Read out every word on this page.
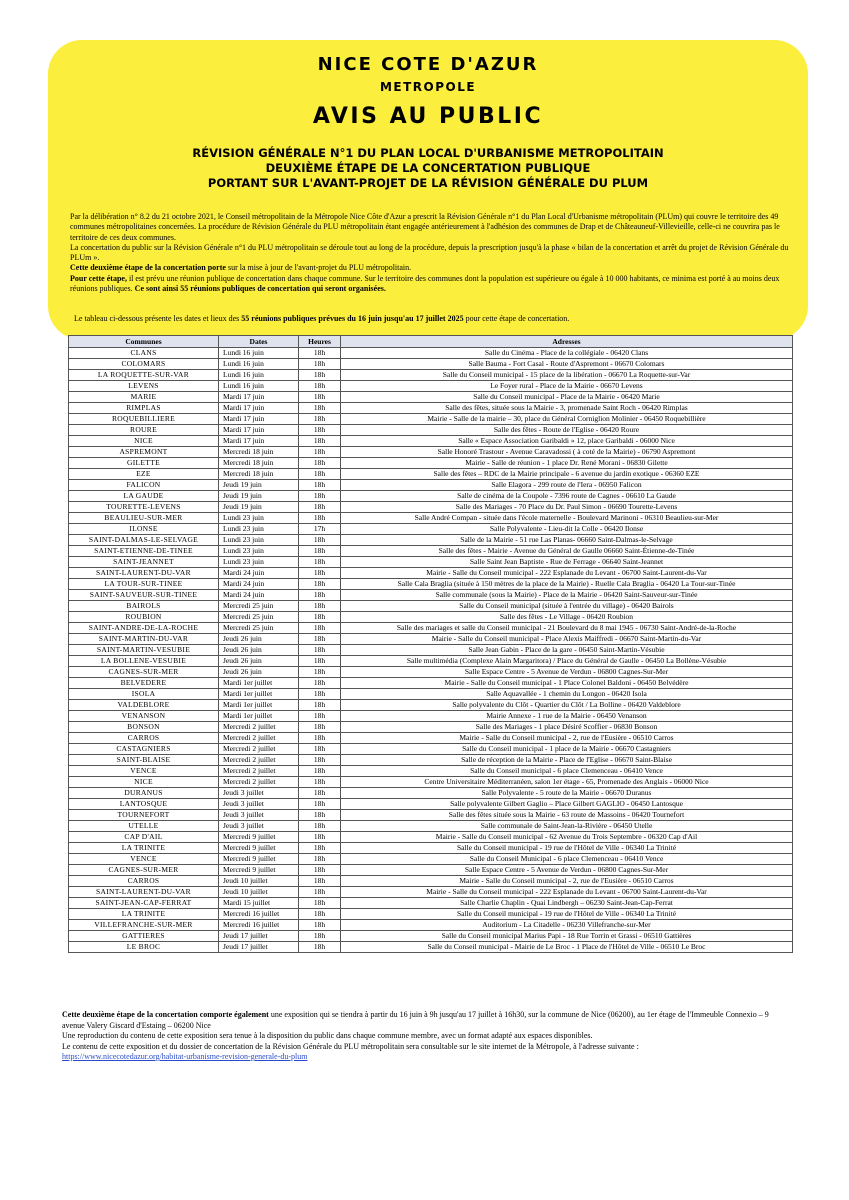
NICE COTE D'AZUR
METROPOLE
AVIS AU PUBLIC
RÉVISION GÉNÉRALE N°1 DU PLAN LOCAL D'URBANISME METROPOLITAIN
DEUXIÈME ÉTAPE DE LA CONCERTATION PUBLIQUE
PORTANT SUR L'AVANT-PROJET DE LA RÉVISION GÉNÉRALE DU PLUM

Par la délibération n° 8.2 du 21 octobre 2021, le Conseil métropolitain de la Métropole Nice Côte d'Azur a prescrit la Révision Générale n°1 du Plan Local d'Urbanisme métropolitain (PLUm) qui couvre le territoire des 49 communes métropolitaines concernées. La procédure de Révision Générale du PLU métropolitain étant engagée antérieurement à l'adhésion des communes de Drap et de Châteauneuf-Villevieille, celle-ci ne couvrira pas le territoire de ces deux communes.

La concertation du public sur la Révision Générale n°1 du PLU métropolitain se déroule tout au long de la procédure, depuis la prescription jusqu'à la phase « bilan de la concertation et arrêt du projet de Révision Générale du PLUm ».

Cette deuxième étape de la concertation porte sur la mise à jour de l'avant-projet du PLU métropolitain.

Pour cette étape, il est prévu une réunion publique de concertation dans chaque commune. Sur le territoire des communes dont la population est supérieure ou égale à 10 000 habitants, ce minima est porté à au moins deux réunions publiques. Ce sont ainsi 55 réunions publiques de concertation qui seront organisées.

Le tableau ci-dessous présente les dates et lieux des 55 réunions publiques prévues du 16 juin jusqu'au 17 juillet 2025 pour cette étape de concertation.
Communes	Dates	Heures	Adresses
CLANS	Lundi 16 juin	18h	Salle du Cinéma - Place de la collégiale - 06420 Clans
COLOMARS	Lundi 16 juin	18h	Salle Bauma - Fort Casal - Route d'Aspremont - 06670 Colomars
LA ROQUETTE-SUR-VAR	Lundi 16 juin	18h	Salle du Conseil municipal - 15 place de la libération - 06670 La Roquette-sur-Var
LEVENS	Lundi 16 juin	18h	Le Foyer rural - Place de la Mairie - 06670 Levens
MARIE	Mardi 17 juin	18h	Salle du Conseil municipal - Place de la Mairie - 06420 Marie
RIMPLAS	Mardi 17 juin	18h	Salle des fêtes, située sous la Mairie - 3, promenade Saint Roch - 06420 Rimplas
ROQUEBILLIERE	Mardi 17 juin	18h	Mairie - Salle de la mairie – 30, place du Général Corniglion Molinier - 06450 Roquebillière
ROURE	Mardi 17 juin	18h	Salle des fêtes - Route de l'Eglise - 06420 Roure
NICE	Mardi 17 juin	18h	Salle « Espace Association Garibaldi » 12, place Garibaldi - 06000 Nice
ASPREMONT	Mercredi 18 juin	18h	Salle Honoré Trastour - Avenue Caravadossi ( à coté de la Mairie) - 06790 Aspremont
GILETTE	Mercredi 18 juin	18h	Mairie - Salle de réunion - 1 place Dr. René Morani - 06830 Gilette
EZE	Mercredi 18 juin	18h	Salle des fêtes – RDC de la Mairie principale - 6 avenue du jardin exotique - 06360 EZE
FALICON	Jeudi 19 juin	18h	Salle Elagora - 299 route de l'Iera - 06950 Falicon
LA GAUDE	Jeudi 19 juin	18h	Salle de cinéma de la Coupole - 7396 route de Cagnes - 06610 La Gaude
TOURETTE-LEVENS	Jeudi 19 juin	18h	Salle des Mariages - 70 Place du Dr. Paul Simon - 06690 Tourette-Levens
BEAULIEU-SUR-MER	Lundi 23 juin	18h	Salle André Compan - située dans l'école maternelle - Boulevard Marinoni - 06310 Beaulieu-sur-Mer
ILONSE	Lundi 23 juin	17h	Salle Polyvalente - Lieu-dit la Colle - 06420 Ilonse
SAINT-DALMAS-LE-SELVAGE	Lundi 23 juin	18h	Salle de la Mairie - 51 rue Las Planas- 06660 Saint-Dalmas-le-Selvage
SAINT-ETIENNE-DE-TINEE	Lundi 23 juin	18h	Salle des fêtes - Mairie - Avenue du Général de Gaulle 06660 Saint-Étienne-de-Tinée
SAINT-JEANNET	Lundi 23 juin	18h	Salle Saint Jean Baptiste - Rue de Ferrage - 06640 Saint-Jeannet
SAINT-LAURENT-DU-VAR	Mardi 24 juin	18h	Mairie - Salle du Conseil municipal - 222 Esplanade du Levant - 06700 Saint-Laurent-du-Var
LA TOUR-SUR-TINEE	Mardi 24 juin	18h	Salle Cala Braglia (située à 150 mètres de la place de la Mairie) - Ruelle Cala Braglia - 06420 La Tour-sur-Tinée
SAINT-SAUVEUR-SUR-TINEE	Mardi 24 juin	18h	Salle communale (sous la Mairie) - Place de la Mairie - 06420 Saint-Sauveur-sur-Tinée
BAIROLS	Mercredi 25 juin	18h	Salle du Conseil municipal (située à l'entrée du village) - 06420 Bairols
ROUBION	Mercredi 25 juin	18h	Salle des fêtes - Le Village - 06420 Roubion
SAINT-ANDRE-DE-LA-ROCHE	Mercredi 25 juin	18h	Salle des mariages et salle du Conseil municipal - 21 Boulevard du 8 mai 1945 - 06730 Saint-André-de-la-Roche
SAINT-MARTIN-DU-VAR	Jeudi 26 juin	18h	Mairie - Salle du Conseil municipal - Place Alexis Maiffredi - 06670 Saint-Martin-du-Var
SAINT-MARTIN-VESUBIE	Jeudi 26 juin	18h	Salle Jean Gabin - Place de la gare - 06450 Saint-Martin-Vésubie
LA BOLLENE-VESUBIE	Jeudi 26 juin	18h	Salle multimédia (Complexe Alain Margaritora) / Place du Général de Gaulle - 06450 La Bollène-Vésubie
CAGNES-SUR-MER	Jeudi 26 juin	18h	Salle Espace Centre - 5 Avenue de Verdun - 06800 Cagnes-Sur-Mer
BELVEDERE	Mardi 1er juillet	18h	Mairie - Salle du Conseil municipal - 1 Place Colonel Baldoni - 06450 Belvédère
ISOLA	Mardi 1er juillet	18h	Salle Aquavallée - 1 chemin du Longon - 06420 Isola
VALDEBLORE	Mardi 1er juillet	18h	Salle polyvalente du Clôt - Quartier du Clôt / La Bolline - 06420 Valdeblore
VENANSON	Mardi 1er juillet	18h	Mairie Annexe - 1 rue de la Mairie - 06450 Venanson
BONSON	Mercredi 2 juillet	18h	Salle des Mariages - 1 place Désiré Scoffier - 06830 Bonson
CARROS	Mercredi 2 juillet	18h	Mairie - Salle du Conseil municipal - 2, rue de l'Eusière - 06510 Carros
CASTAGNIERS	Mercredi 2 juillet	18h	Salle du Conseil municipal - 1 place de la Mairie - 06670 Castagniers
SAINT-BLAISE	Mercredi 2 juillet	18h	Salle de réception de la Mairie - Place de l'Eglise - 06670 Saint-Blaise
VENCE	Mercredi 2 juillet	18h	Salle du Conseil municipal - 6 place Clemenceau - 06410 Vence
NICE	Mercredi 2 juillet	18h	Centre Universitaire Méditerranéen, salon 1er étage - 65, Promenade des Anglais - 06000 Nice
DURANUS	Jeudi 3 juillet	18h	Salle Polyvalente - 5 route de la Mairie - 06670 Duranus
LANTOSQUE	Jeudi 3 juillet	18h	Salle polyvalente Gilbert Gaglio – Place Gilbert GAGLIO - 06450 Lantosque
TOURNEFORT	Jeudi 3 juillet	18h	Salle des fêtes située sous la Mairie - 63 route de Massoins - 06420 Tournefort
UTELLE	Jeudi 3 juillet	18h	Salle communale de Saint-Jean-la-Rivière - 06450 Utelle
CAP D'AIL	Mercredi 9 juillet	18h	Mairie - Salle du Conseil municipal - 62 Avenue du Trois Septembre - 06320 Cap d'Ail
LA TRINITE	Mercredi 9 juillet	18h	Salle du Conseil municipal - 19 rue de l'Hôtel de Ville - 06340 La Trinité
VENCE	Mercredi 9 juillet	18h	Salle du Conseil Municipal - 6 place Clemenceau - 06410 Vence
CAGNES-SUR-MER	Mercredi 9 juillet	18h	Salle Espace Centre - 5 Avenue de Verdun - 06800 Cagnes-Sur-Mer
CARROS	Jeudi 10 juillet	18h	Mairie - Salle du Conseil municipal - 2, rue de l'Eusière - 06510 Carros
SAINT-LAURENT-DU-VAR	Jeudi 10 juillet	18h	Mairie - Salle du Conseil municipal - 222 Esplanade du Levant - 06700 Saint-Laurent-du-Var
SAINT-JEAN-CAP-FERRAT	Mardi 15 juillet	18h	Salle Charlie Chaplin - Quai Lindbergh – 06230 Saint-Jean-Cap-Ferrat
LA TRINITE	Mercredi 16 juillet	18h	Salle du Conseil municipal - 19 rue de l'Hôtel de Ville - 06340 La Trinité
VILLEFRANCHE-SUR-MER	Mercredi 16 juillet	18h	Auditorium - La Citadelle - 06230 Villefranche-sur-Mer
GATTIERES	Jeudi 17 juillet	18h	Salle du Conseil municipal Marius Papi - 18 Rue Torrin et Grassi - 06510 Gattières
LE BROC	Jeudi 17 juillet	18h	Salle du Conseil municipal - Mairie de Le Broc - 1 Place de l'Hôtel de Ville - 06510 Le Broc

Cette deuxième étape de la concertation comporte également une exposition qui se tiendra à partir du 16 juin à 9h jusqu'au 17 juillet à 16h30, sur la commune de Nice (06200), au 1er étage de l'Immeuble Connexio – 9 avenue Valery Giscard d'Estaing – 06200 Nice

Une reproduction du contenu de cette exposition sera tenue à la disposition du public dans chaque commune membre, avec un format adapté aux espaces disponibles.

Le contenu de cette exposition et du dossier de concertation de la Révision Générale du PLU métropolitain sera consultable sur le site internet de la Métropole, à l'adresse suivante :

https://www.nicecotedazur.org/habitat-urbanisme-revision-generale-du-plum
